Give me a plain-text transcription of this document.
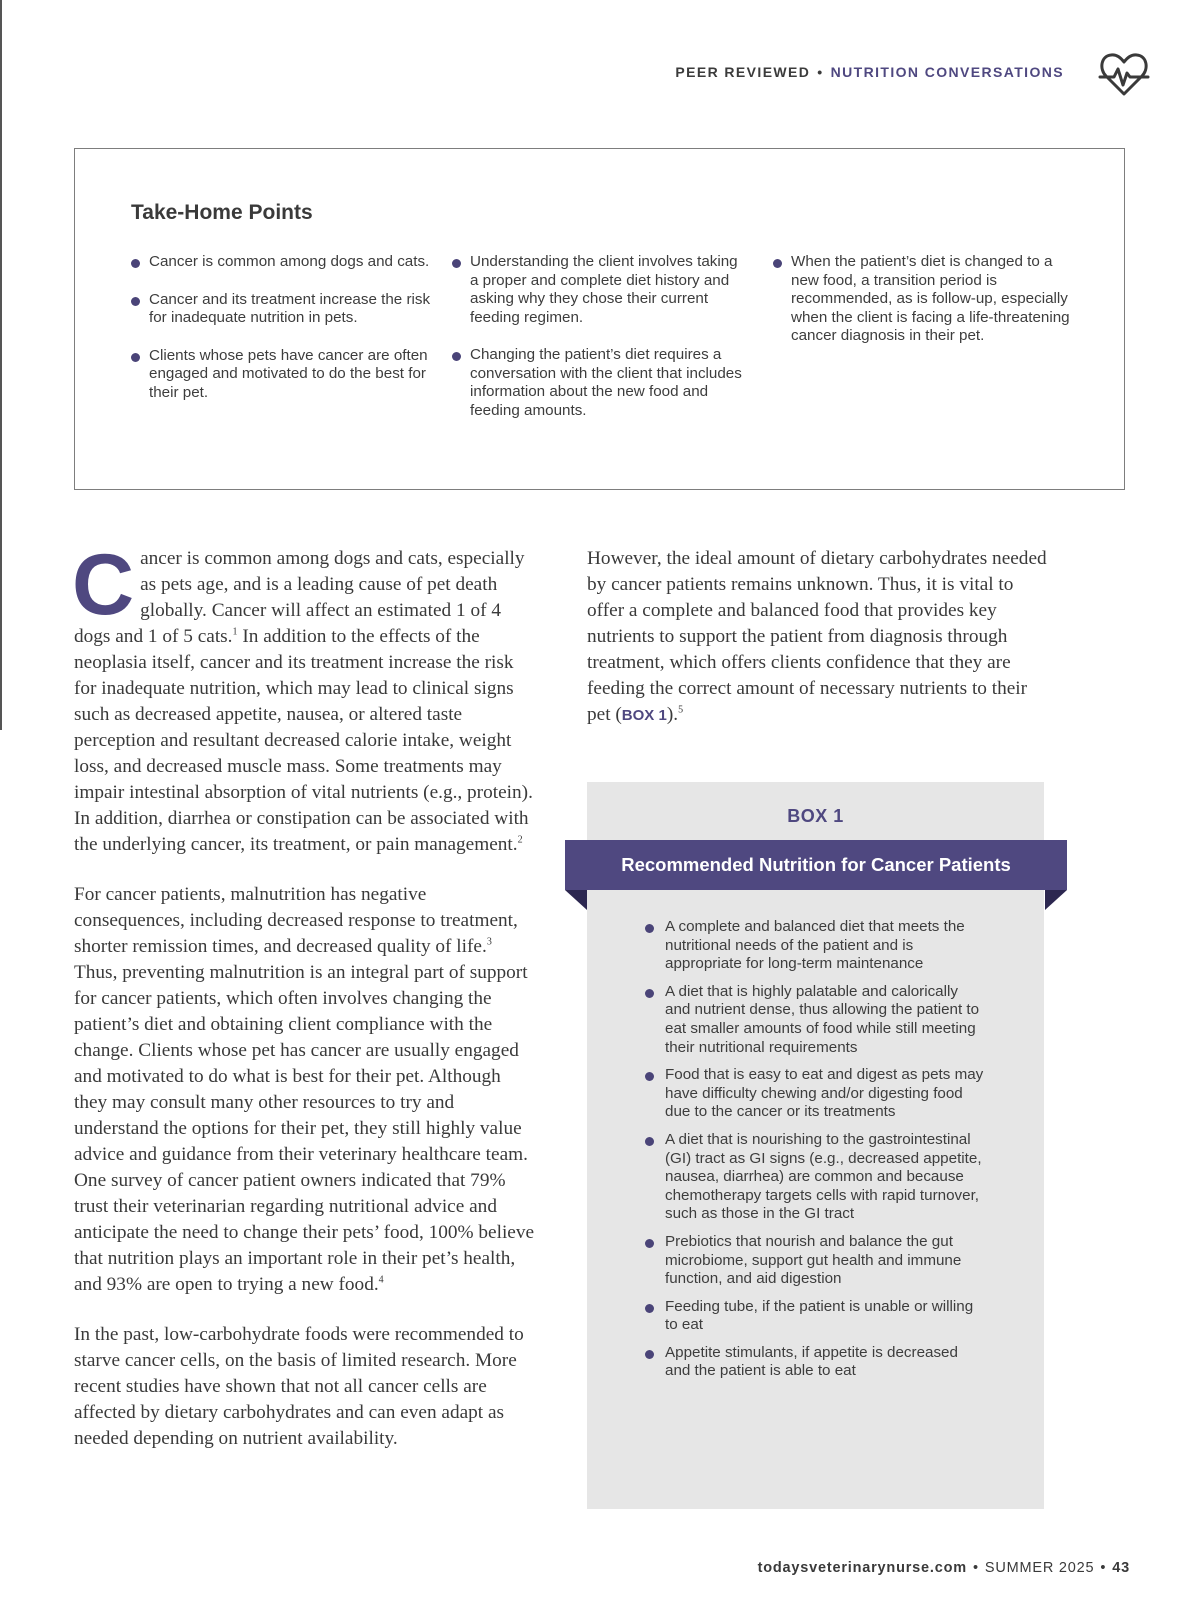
PEER REVIEWED • NUTRITION CONVERSATIONS
Take-Home Points
Cancer is common among dogs and cats.
Cancer and its treatment increase the risk for inadequate nutrition in pets.
Clients whose pets have cancer are often engaged and motivated to do the best for their pet.
Understanding the client involves taking a proper and complete diet history and asking why they chose their current feeding regimen.
Changing the patient’s diet requires a conversation with the client that includes information about the new food and feeding amounts.
When the patient’s diet is changed to a new food, a transition period is recommended, as is follow-up, especially when the client is facing a life-threatening cancer diagnosis in their pet.

Cancer is common among dogs and cats, especially as pets age, and is a leading cause of pet death globally. Cancer will affect an estimated 1 of 4 dogs and 1 of 5 cats.$^1$ In addition to the effects of the neoplasia itself, cancer and its treatment increase the risk for inadequate nutrition, which may lead to clinical signs such as decreased appetite, nausea, or altered taste perception and resultant decreased calorie intake, weight loss, and decreased muscle mass. Some treatments may impair intestinal absorption of vital nutrients (e.g., protein). In addition, diarrhea or constipation can be associated with the underlying cancer, its treatment, or pain management.$^2$

For cancer patients, malnutrition has negative consequences, including decreased response to treatment, shorter remission times, and decreased quality of life.$^3$ Thus, preventing malnutrition is an integral part of support for cancer patients, which often involves changing the patient’s diet and obtaining client compliance with the change. Clients whose pet has cancer are usually engaged and motivated to do what is best for their pet. Although they may consult many other resources to try and understand the options for their pet, they still highly value advice and guidance from their veterinary healthcare team. One survey of cancer patient owners indicated that 79% trust their veterinarian regarding nutritional advice and anticipate the need to change their pets’ food, 100% believe that nutrition plays an important role in their pet’s health, and 93% are open to trying a new food.$^4$

In the past, low-carbohydrate foods were recommended to starve cancer cells, on the basis of limited research. More recent studies have shown that not all cancer cells are affected by dietary carbohydrates and can even adapt as needed depending on nutrient availability.

However, the ideal amount of dietary carbohydrates needed by cancer patients remains unknown. Thus, it is vital to offer a complete and balanced food that provides key nutrients to support the patient from diagnosis through treatment, which offers clients confidence that they are feeding the correct amount of necessary nutrients to their pet (BOX 1).$^5$

BOX 1
Recommended Nutrition for Cancer Patients
A complete and balanced diet that meets the nutritional needs of the patient and is appropriate for long-term maintenance
A diet that is highly palatable and calorically and nutrient dense, thus allowing the patient to eat smaller amounts of food while still meeting their nutritional requirements
Food that is easy to eat and digest as pets may have difficulty chewing and/or digesting food due to the cancer or its treatments
A diet that is nourishing to the gastrointestinal (GI) tract as GI signs (e.g., decreased appetite, nausea, diarrhea) are common and because chemotherapy targets cells with rapid turnover, such as those in the GI tract
Prebiotics that nourish and balance the gut microbiome, support gut health and immune function, and aid digestion
Feeding tube, if the patient is unable or willing to eat
Appetite stimulants, if appetite is decreased and the patient is able to eat
todaysveterinarynurse.com • SUMMER 2025 • 43
